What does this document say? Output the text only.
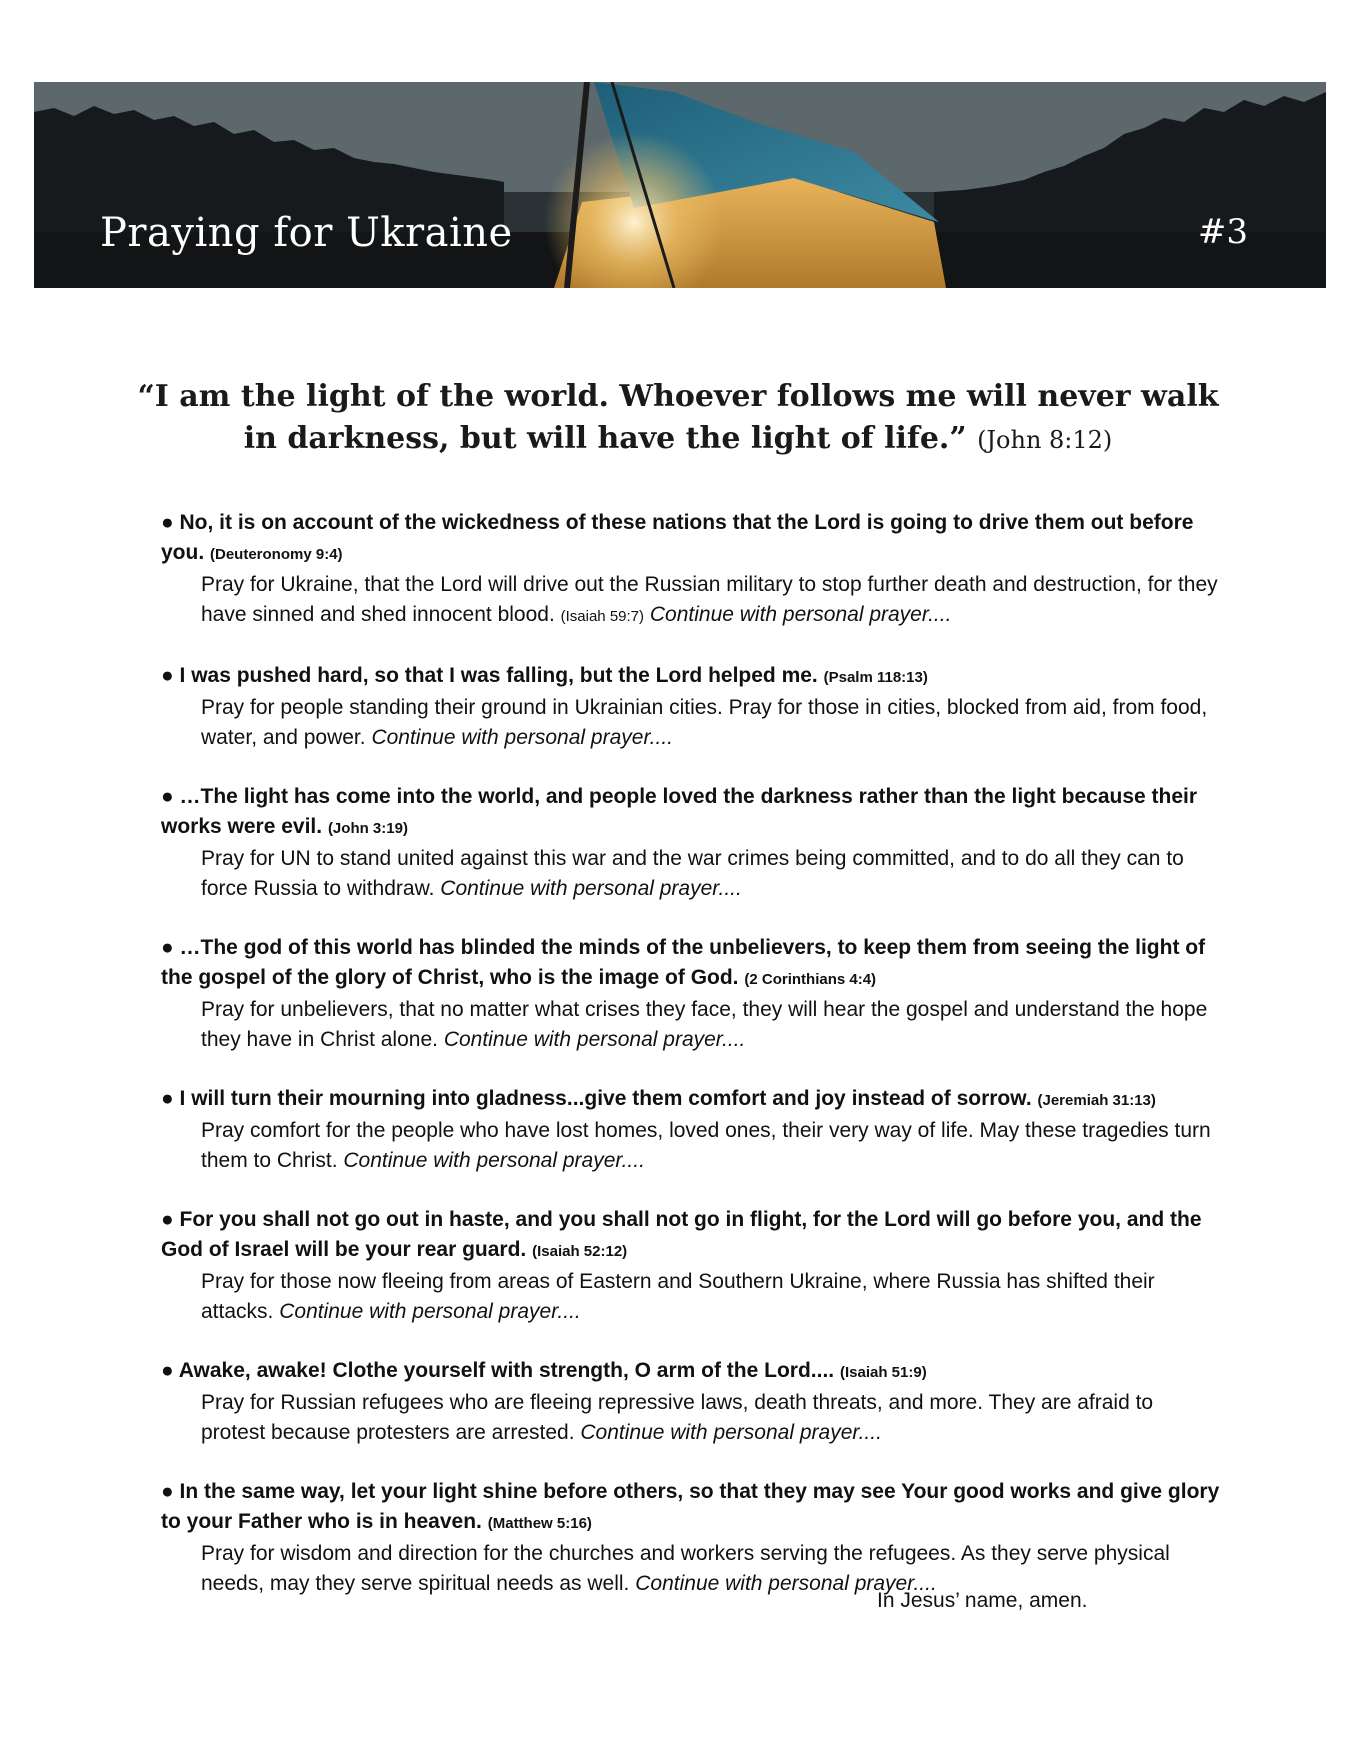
Praying for Ukraine	#3
“I am the light of the world. Whoever follows me will never walk in darkness, but will have the light of life.” (John 8:12)
● No, it is on account of the wickedness of these nations that the Lord is going to drive them out before you. (Deuteronomy 9:4)
Pray for Ukraine, that the Lord will drive out the Russian military to stop further death and destruction, for they have sinned and shed innocent blood. (Isaiah 59:7) Continue with personal prayer....
● I was pushed hard, so that I was falling, but the Lord helped me. (Psalm 118:13)
Pray for people standing their ground in Ukrainian cities. Pray for those in cities, blocked from aid, from food, water, and power. Continue with personal prayer....
● …The light has come into the world, and people loved the darkness rather than the light because their works were evil. (John 3:19)
Pray for UN to stand united against this war and the war crimes being committed, and to do all they can to force Russia to withdraw. Continue with personal prayer....
● …The god of this world has blinded the minds of the unbelievers, to keep them from seeing the light of the gospel of the glory of Christ, who is the image of God. (2 Corinthians 4:4)
Pray for unbelievers, that no matter what crises they face, they will hear the gospel and understand the hope they have in Christ alone. Continue with personal prayer....
● I will turn their mourning into gladness...give them comfort and joy instead of sorrow. (Jeremiah 31:13)
Pray comfort for the people who have lost homes, loved ones, their very way of life. May these tragedies turn them to Christ. Continue with personal prayer....
● For you shall not go out in haste, and you shall not go in flight, for the Lord will go before you, and the God of Israel will be your rear guard. (Isaiah 52:12)
Pray for those now fleeing from areas of Eastern and Southern Ukraine, where Russia has shifted their attacks. Continue with personal prayer....
● Awake, awake! Clothe yourself with strength, O arm of the Lord.... (Isaiah 51:9)
Pray for Russian refugees who are fleeing repressive laws, death threats, and more. They are afraid to protest because protesters are arrested. Continue with personal prayer....
● In the same way, let your light shine before others, so that they may see Your good works and give glory to your Father who is in heaven. (Matthew 5:16)
Pray for wisdom and direction for the churches and workers serving the refugees. As they serve physical needs, may they serve spiritual needs as well. Continue with personal prayer....
In Jesus’ name, amen.
